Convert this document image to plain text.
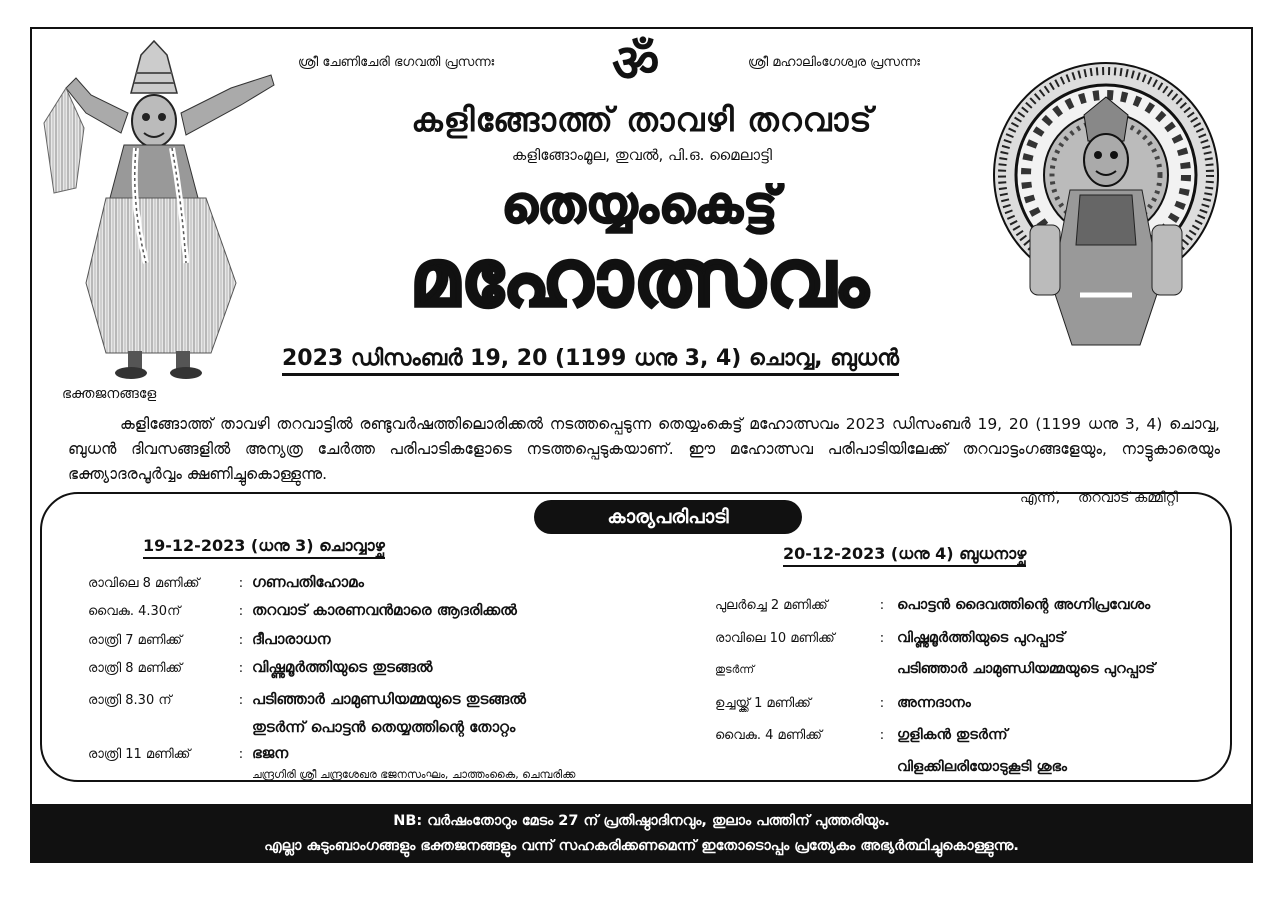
ശ്രീ ചേണിചേരി ഭഗവതി പ്രസന്നഃ ॐ	ശ്രീ മഹാലിംഗേശ്വര പ്രസന്നഃ
കളിങ്ങോത്ത് താവഴി തറവാട്
കളിങ്ങോംമൂല, തുവൽ, പി.ഒ. മൈലാട്ടി
തെയ്യംകെട്ട്
മഹോത്സവം
2023 ഡിസംബർ 19, 20 (1199 ധനു 3, 4) ചൊവ്വ, ബുധൻ
ഭക്തജനങ്ങളേ
കളിങ്ങോത്ത് താവഴി തറവാട്ടിൽ രണ്ടുവർഷത്തിലൊരിക്കൽ നടത്തപ്പെടുന്ന തെയ്യംകെട്ട് മഹോത്സവം 2023 ഡിസംബർ 19, 20 (1199 ധനു 3, 4) ചൊവ്വ, ബുധൻ ദിവസങ്ങളിൽ അന്യത്ര ചേർത്ത പരിപാടികളോടെ നടത്തപ്പെടുകയാണ്. ഈ മഹോത്സവ പരിപാടിയിലേക്ക് തറവാട്ടംഗങ്ങളേയും, നാട്ടുകാരെയും ഭക്ത്യാദരപൂർവ്വം ക്ഷണിച്ചുകൊള്ളുന്നു.
എന്ന്,    തറവാട് കമ്മിറ്റി
കാര്യപരിപാടി
19-12-2023 (ധനു 3) ചൊവ്വാഴ്ച
രാവിലെ 8 മണിക്ക്	: ഗണപതിഹോമം
വൈകു. 4.30ന്	: തറവാട് കാരണവൻമാരെ ആദരിക്കൽ
രാത്രി 7 മണിക്ക്	: ദീപാരാധന
രാത്രി 8 മണിക്ക്	: വിഷ്ണുമൂർത്തിയുടെ തുടങ്ങൽ
രാത്രി 8.30 ന്	: പടിഞ്ഞാർ ചാമുണ്ഡിയമ്മയുടെ തുടങ്ങൽ
തുടർന്ന് പൊട്ടൻ തെയ്യത്തിന്റെ തോറ്റം
രാത്രി 11 മണിക്ക്	: ഭജന
ചന്ദ്രഗിരി ശ്രീ ചന്ദ്രശേഖര ഭജനസംഘം, ചാത്തംകൈ, ചെമ്പരിക്ക
20-12-2023 (ധനു 4) ബുധനാഴ്ച
പുലർച്ചെ 2 മണിക്ക്	: പൊട്ടൻ ദൈവത്തിന്റെ അഗ്നിപ്രവേശം
രാവിലെ 10 മണിക്ക്	: വിഷ്ണുമൂർത്തിയുടെ പുറപ്പാട്
തുടർന്ന്	പടിഞ്ഞാർ ചാമുണ്ഡിയമ്മയുടെ പുറപ്പാട്
ഉച്ചയ്ക്ക് 1 മണിക്ക്	: അന്നദാനം
വൈകു. 4 മണിക്ക്	: ഗുളികൻ തുടർന്ന്
വിളക്കിലരിയോടുകൂടി ശുഭം
NB: വർഷംതോറും മേടം 27 ന് പ്രതിഷ്ഠാദിനവും, തുലാം പത്തിന് പുത്തരിയും.
എല്ലാ കുടുംബാംഗങ്ങളും ഭക്തജനങ്ങളും വന്ന് സഹകരിക്കണമെന്ന് ഇതോടൊപ്പം പ്രത്യേകം അഭ്യർത്ഥിച്ചുകൊള്ളുന്നു.
